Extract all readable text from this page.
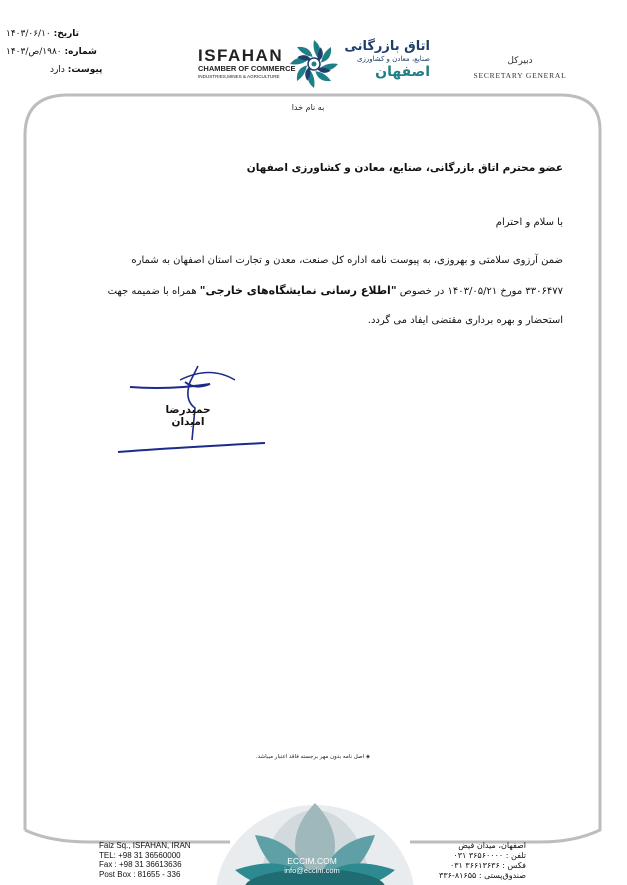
تاریخ: ۱۴۰۳/۰۶/۱۰
شماره: ۱۹۸۰/ص/۱۴۰۳
پیوست: دارد
ISFAHAN
CHAMBER OF COMMERCE
INDUSTRIES,MINES & AGRICULTURE
اتاق بازرگانی
صنایع، معادن و کشاورزی
اصفهان
دبیرکل
SECRETARY GENERAL
به نام خدا
عضو محترم اتاق بازرگانی، صنایع، معادن و کشاورزی اصفهان
با سلام و احترام
ضمن آرزوی سلامتی و بهروزی، به پیوست نامه اداره کل صنعت، معدن و تجارت استان اصفهان به شماره
۳۳۰۶۴۷۷ مورخ ۱۴۰۳/۰۵/۲۱ در خصوص "اطلاع رسانی نمایشگاه‌های خارجی" همراه با ضمیمه جهت
استحضار و بهره برداری مقتضی ایفاد می گردد.
حمیدرضا امیدان
◈ اصل نامه بدون مهر برجسته فاقد اعتبار میباشد.
ECCIM.COM
info@eccim.com
Faiz Sq., ISFAHAN, IRAN
TEL: +98 31 36560000
Fax : +98 31 36613636
Post Box : 81655 - 336
اصفهان، میدان فیض
تلفن : ۳۶۵۶۰۰۰۰ ۰۳۱
فکس : ۳۶۶۱۳۶۳۶ ۰۳۱
صندوق‌پستی : ۸۱۶۵۵-۳۳۶
